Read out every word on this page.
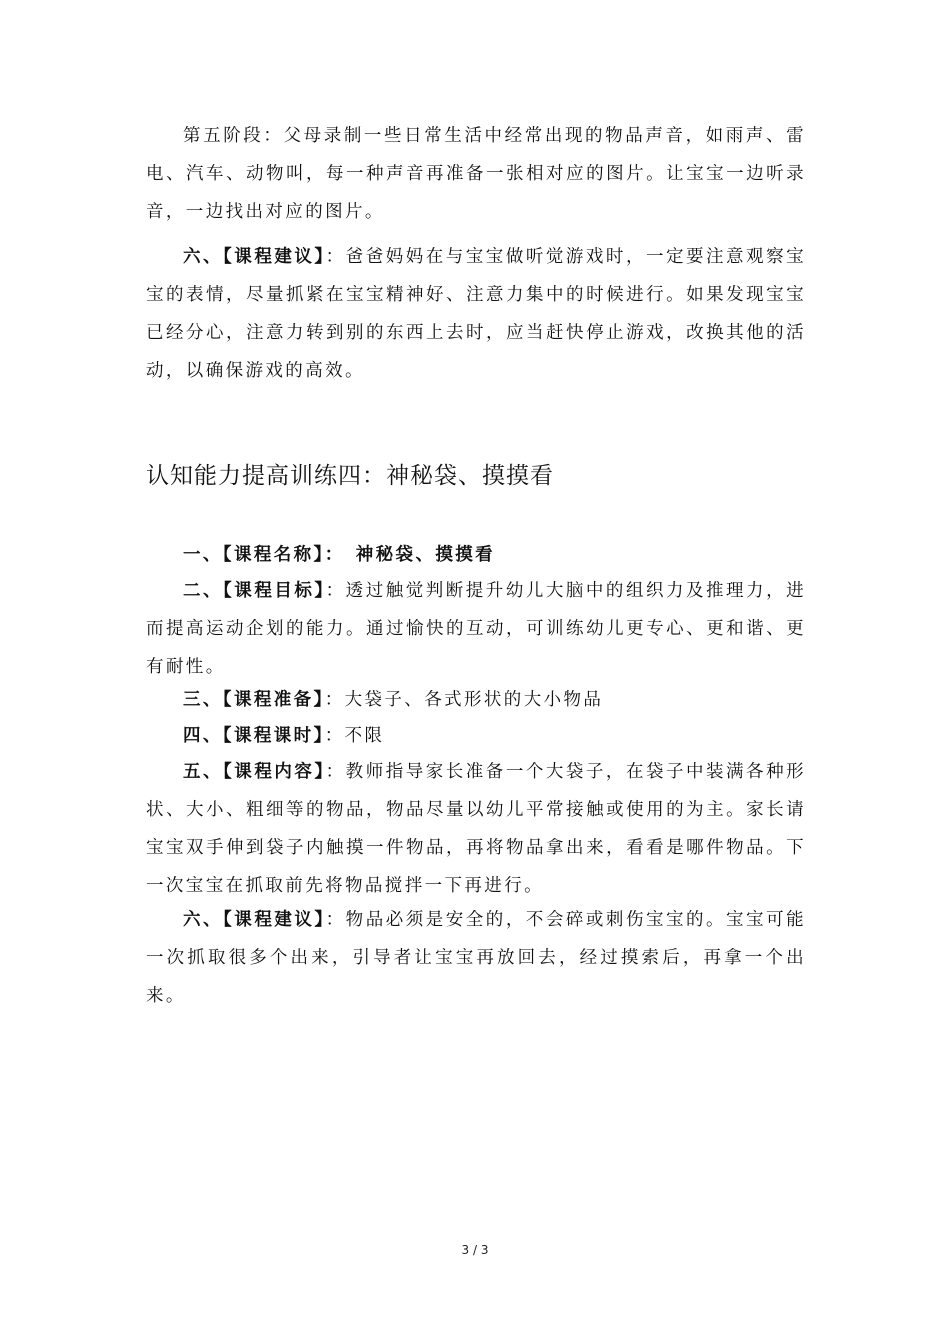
第五阶段：父母录制一些日常生活中经常出现的物品声音，如雨声、雷电、汽车、动物叫，每一种声音再准备一张相对应的图片。让宝宝一边听录音，一边找出对应的图片。

六、【课程建议】：爸爸妈妈在与宝宝做听觉游戏时，一定要注意观察宝宝的表情，尽量抓紧在宝宝精神好、注意力集中的时候进行。如果发现宝宝已经分心，注意力转到别的东西上去时，应当赶快停止游戏，改换其他的活动，以确保游戏的高效。

认知能力提高训练四：神秘袋、摸摸看

一、【课程名称】：　神秘袋、摸摸看

二、【课程目标】：透过触觉判断提升幼儿大脑中的组织力及推理力，进而提高运动企划的能力。通过愉快的互动，可训练幼儿更专心、更和谐、更有耐性。

三、【课程准备】：大袋子、各式形状的大小物品

四、【课程课时】：不限

五、【课程内容】：教师指导家长准备一个大袋子，在袋子中装满各种形状、大小、粗细等的物品，物品尽量以幼儿平常接触或使用的为主。家长请宝宝双手伸到袋子内触摸一件物品，再将物品拿出来，看看是哪件物品。下一次宝宝在抓取前先将物品搅拌一下再进行。

六、【课程建议】：物品必须是安全的，不会碎或刺伤宝宝的。宝宝可能一次抓取很多个出来，引导者让宝宝再放回去，经过摸索后，再拿一个出来。

3 / 3
